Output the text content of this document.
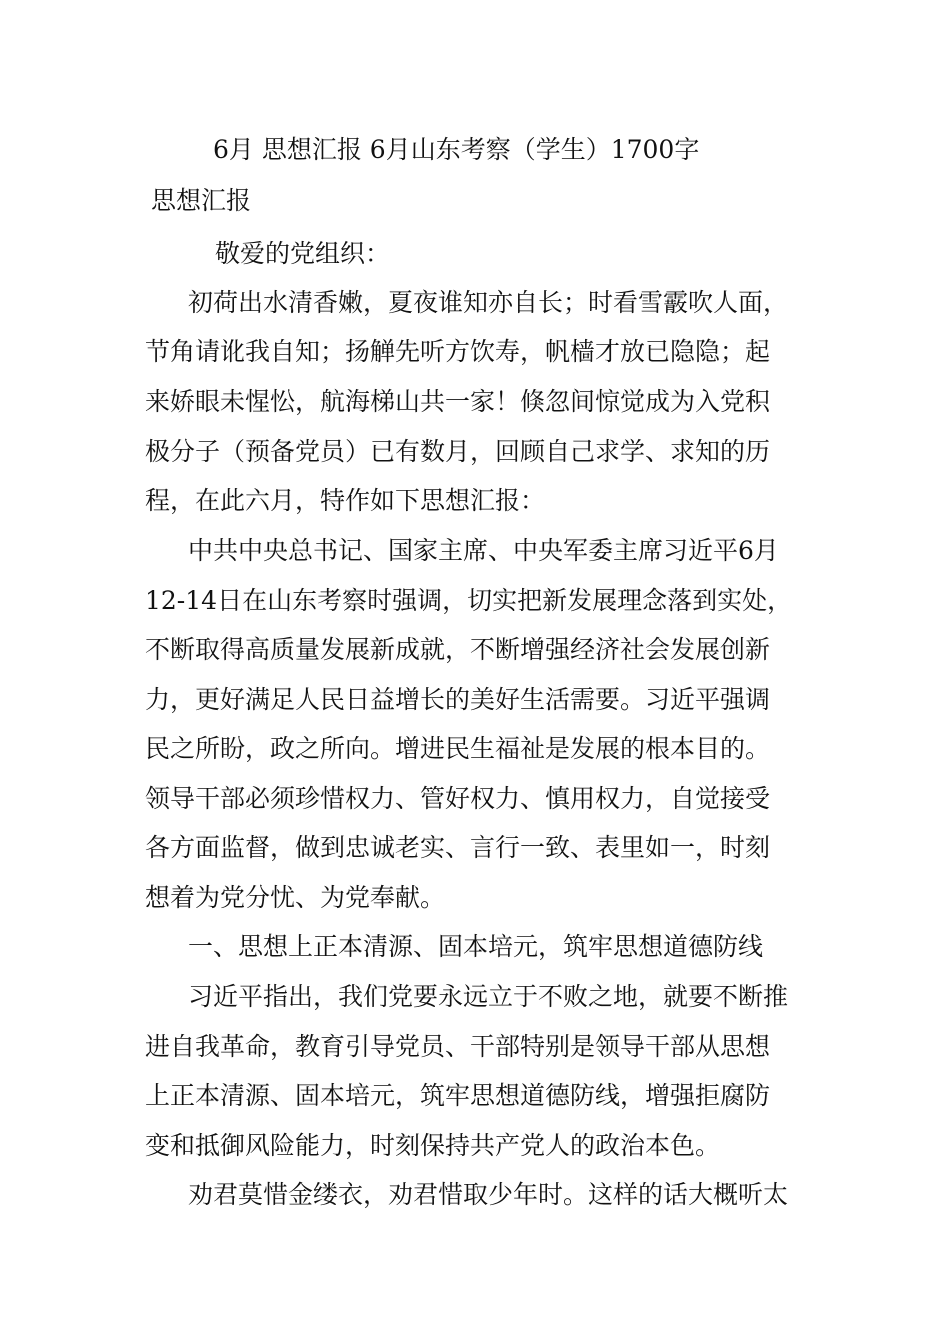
6月 思想汇报 6月山东考察（学生）1700字
思想汇报
敬爱的党组织：
初荷出水清香嫩，夏夜谁知亦自长；时看雪霰吹人面，
节角请讹我自知；扬觯先听方饮寿，帆樯才放已隐隐；起
来娇眼未惺忪，航海梯山共一家！倏忽间惊觉成为入党积
极分子（预备党员）已有数月，回顾自己求学、求知的历
程，在此六月，特作如下思想汇报：
中共中央总书记、国家主席、中央军委主席习近平6月
12-14日在山东考察时强调，切实把新发展理念落到实处，
不断取得高质量发展新成就，不断增强经济社会发展创新
力，更好满足人民日益增长的美好生活需要。习近平强调
民之所盼，政之所向。增进民生福祉是发展的根本目的。
领导干部必须珍惜权力、管好权力、慎用权力，自觉接受
各方面监督，做到忠诚老实、言行一致、表里如一，时刻
想着为党分忧、为党奉献。
一、思想上正本清源、固本培元，筑牢思想道德防线
习近平指出，我们党要永远立于不败之地，就要不断推
进自我革命，教育引导党员、干部特别是领导干部从思想
上正本清源、固本培元，筑牢思想道德防线，增强拒腐防
变和抵御风险能力，时刻保持共产党人的政治本色。
劝君莫惜金缕衣，劝君惜取少年时。这样的话大概听太
